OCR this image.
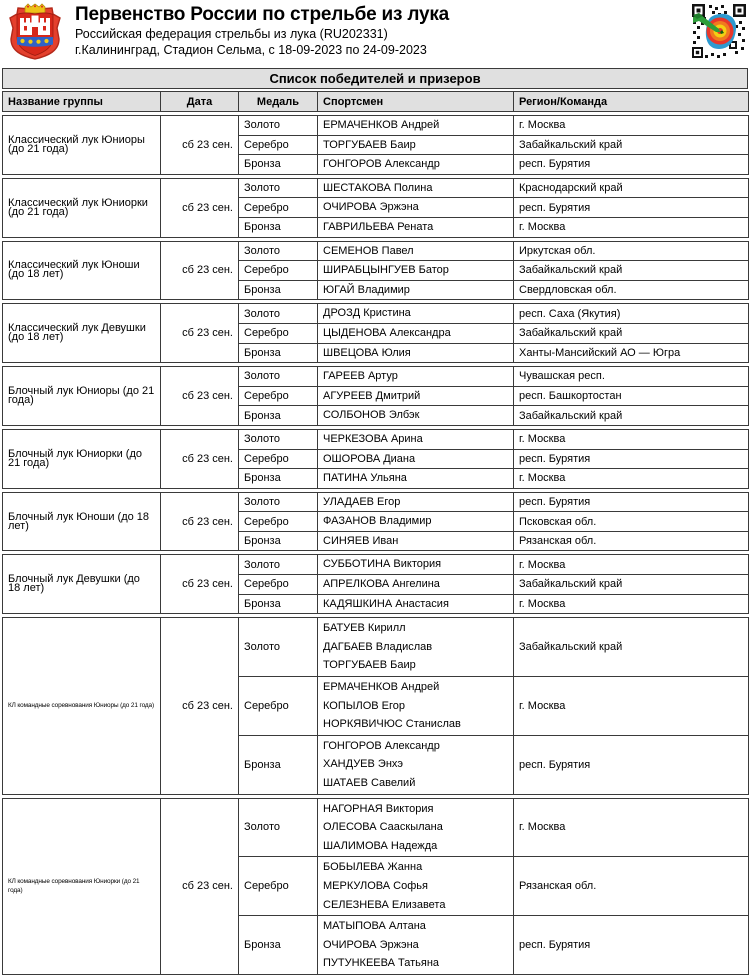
Первенство России по стрельбе из лука
Российская федерация стрельбы из лука (RU202331)
г.Калининград, Стадион Сельма, с 18-09-2023 по 24-09-2023
Список победителей и призеров
Название группы	Дата	Медаль	Спортсмен	Регион/Команда
Классический лук Юниоры (до 21 года)	сб 23 сен.	Золото	ЕРМАЧЕНКОВ Андрей	г. Москва
		Серебро	ТОРГУБАЕВ Баир	Забайкальский край
		Бронза	ГОНГОРОВ Александр	респ. Бурятия
Классический лук Юниорки (до 21 года)	сб 23 сен.	Золото	ШЕСТАКОВА Полина	Краснодарский край
		Серебро	ОЧИРОВА Эржэна	респ. Бурятия
		Бронза	ГАВРИЛЬЕВА Рената	г. Москва
Классический лук Юноши (до 18 лет)	сб 23 сен.	Золото	СЕМЕНОВ Павел	Иркутская обл.
		Серебро	ШИРАБЦЫНГУЕВ Батор	Забайкальский край
		Бронза	ЮГАЙ Владимир	Свердловская обл.
Классический лук Девушки (до 18 лет)	сб 23 сен.	Золото	ДРОЗД Кристина	респ. Саха (Якутия)
		Серебро	ЦЫДЕНОВА Александра	Забайкальский край
		Бронза	ШВЕЦОВА Юлия	Ханты-Мансийский АО — Югра
Блочный лук Юниоры (до 21 года)	сб 23 сен.	Золото	ГАРЕЕВ Артур	Чувашская респ.
		Серебро	АГУРЕЕВ Дмитрий	респ. Башкортостан
		Бронза	СОЛБОНОВ Элбэк	Забайкальский край
Блочный лук Юниорки (до 21 года)	сб 23 сен.	Золото	ЧЕРКЕЗОВА Арина	г. Москва
		Серебро	ОШОРОВА Диана	респ. Бурятия
		Бронза	ПАТИНА Ульяна	г. Москва
Блочный лук Юноши (до 18 лет)	сб 23 сен.	Золото	УЛАДАЕВ Егор	респ. Бурятия
		Серебро	ФАЗАНОВ Владимир	Псковская обл.
		Бронза	СИНЯЕВ Иван	Рязанская обл.
Блочный лук Девушки (до 18 лет)	сб 23 сен.	Золото	СУББОТИНА Виктория	г. Москва
		Серебро	АПРЕЛКОВА Ангелина	Забайкальский край
		Бронза	КАДЯШКИНА Анастасия	г. Москва
КЛ командные соревнования Юниоры (до 21 года)	сб 23 сен.	Золото	БАТУЕВ Кирилл
ДАГБАЕВ Владислав
ТОРГУБАЕВ Баир	Забайкальский край
		Серебро	ЕРМАЧЕНКОВ Андрей
КОПЫЛОВ Егор
НОРКЯВИЧЮС Станислав	г. Москва
		Бронза	ГОНГОРОВ Александр
ХАНДУЕВ Энхэ
ШАТАЕВ Савелий	респ. Бурятия
КЛ командные соревнования Юниорки (до 21 года)	сб 23 сен.	Золото	НАГОРНАЯ Виктория
ОЛЕСОВА Сааскылана
ШАЛИМОВА Надежда	г. Москва
		Серебро	БОБЫЛЕВА Жанна
МЕРКУЛОВА Софья
СЕЛЕЗНЕВА Елизавета	Рязанская обл.
		Бронза	МАТЫПОВА Алтана
ОЧИРОВА Эржэна
ПУТУНКЕЕВА Татьяна	респ. Бурятия
